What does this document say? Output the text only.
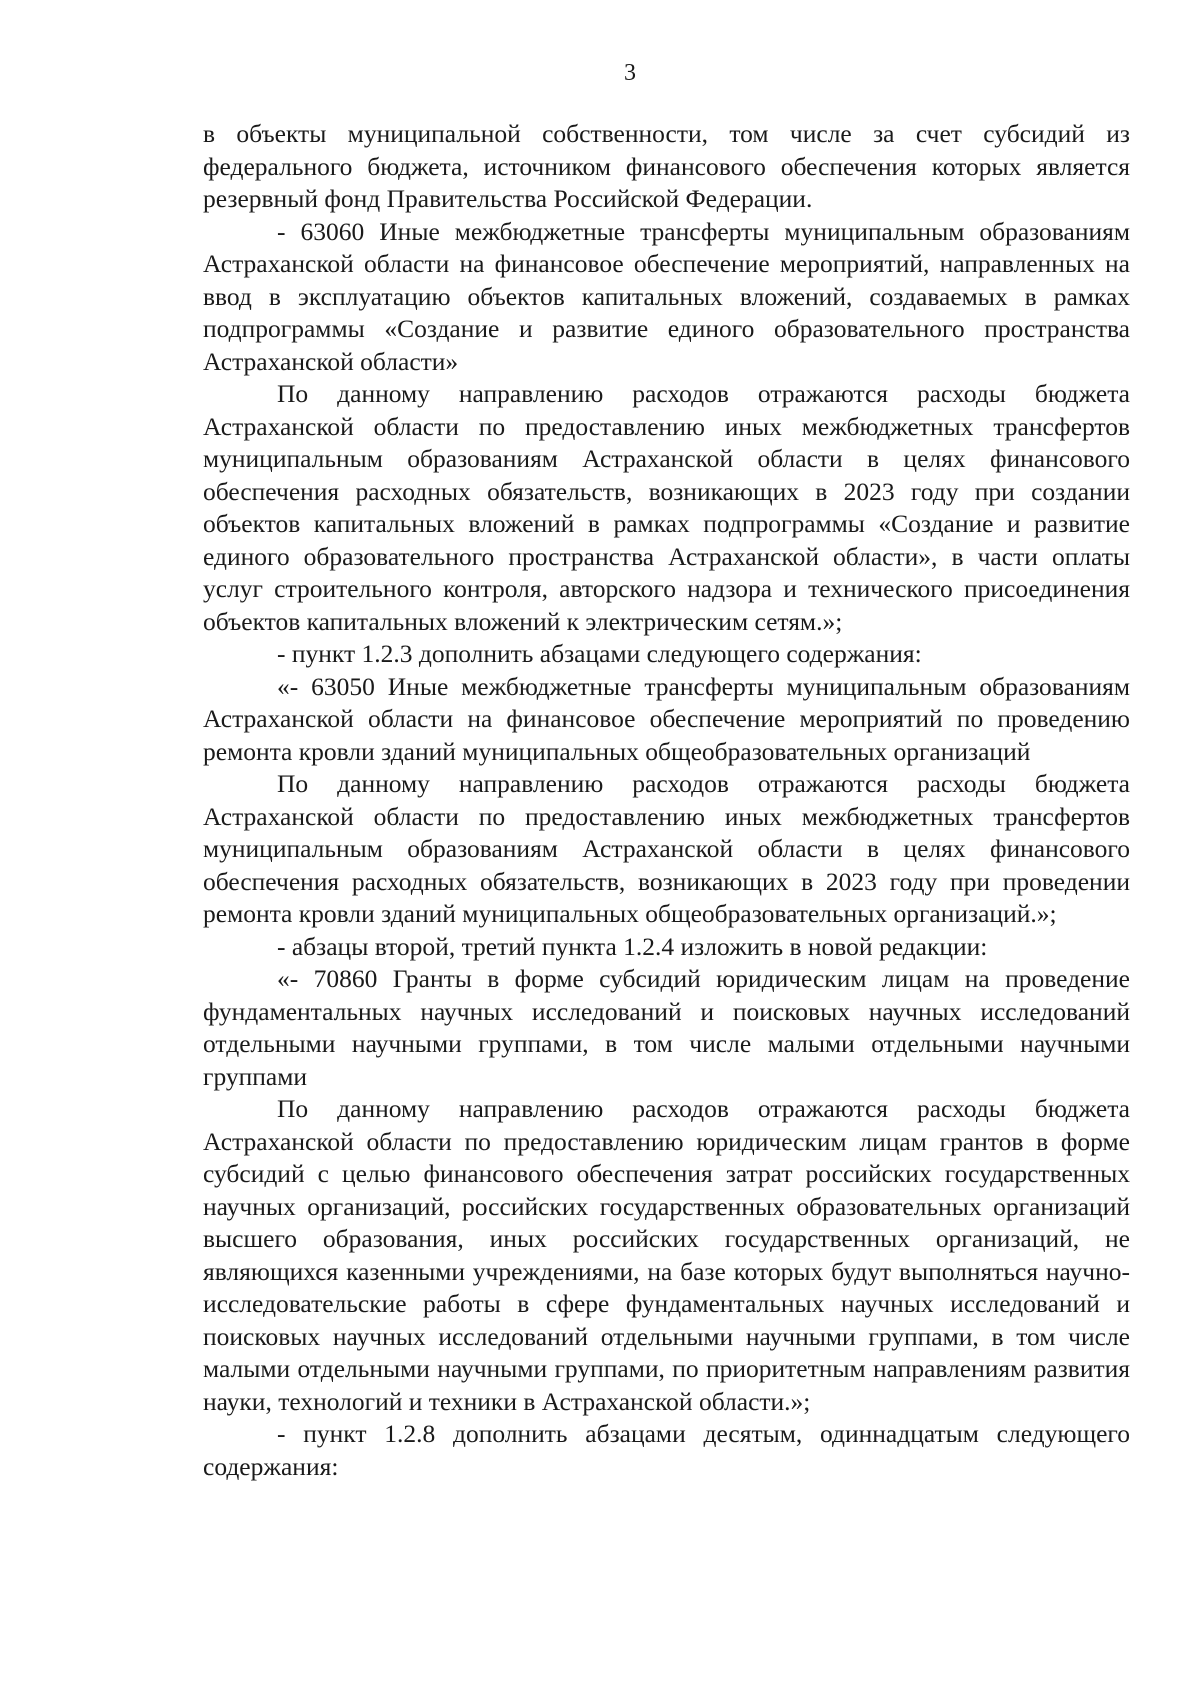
3

в объекты муниципальной собственности, том числе за счет субсидий из федерального бюджета, источником финансового обеспечения которых является резервный фонд Правительства Российской Федерации.

- 63060 Иные межбюджетные трансферты муниципальным образованиям Астраханской области на финансовое обеспечение мероприятий, направленных на ввод в эксплуатацию объектов капитальных вложений, создаваемых в рамках подпрограммы «Создание и развитие единого образовательного пространства Астраханской области»

По данному направлению расходов отражаются расходы бюджета Астраханской области по предоставлению иных межбюджетных трансфертов муниципальным образованиям Астраханской области в целях финансового обеспечения расходных обязательств, возникающих в 2023 году при создании объектов капитальных вложений в рамках подпрограммы «Создание и развитие единого образовательного пространства Астраханской области», в части оплаты услуг строительного контроля, авторского надзора и технического присоединения объектов капитальных вложений к электрическим сетям.»;

- пункт 1.2.3 дополнить абзацами следующего содержания:

«- 63050 Иные межбюджетные трансферты муниципальным образованиям Астраханской области на финансовое обеспечение мероприятий по проведению ремонта кровли зданий муниципальных общеобразовательных организаций

По данному направлению расходов отражаются расходы бюджета Астраханской области по предоставлению иных межбюджетных трансфертов муниципальным образованиям Астраханской области в целях финансового обеспечения расходных обязательств, возникающих в 2023 году при проведении ремонта кровли зданий муниципальных общеобразовательных организаций.»;

- абзацы второй, третий пункта 1.2.4 изложить в новой редакции:

«- 70860 Гранты в форме субсидий юридическим лицам на проведение фундаментальных научных исследований и поисковых научных исследований отдельными научными группами, в том числе малыми отдельными научными группами

По данному направлению расходов отражаются расходы бюджета Астраханской области по предоставлению юридическим лицам грантов в форме субсидий с целью финансового обеспечения затрат российских государственных научных организаций, российских государственных образовательных организаций высшего образования, иных российских государственных организаций, не являющихся казенными учреждениями, на базе которых будут выполняться научно-исследовательские работы в сфере фундаментальных научных исследований и поисковых научных исследований отдельными научными группами, в том числе малыми отдельными научными группами, по приоритетным направлениям развития науки, технологий и техники в Астраханской области.»;

- пункт 1.2.8 дополнить абзацами десятым, одиннадцатым следующего содержания:
